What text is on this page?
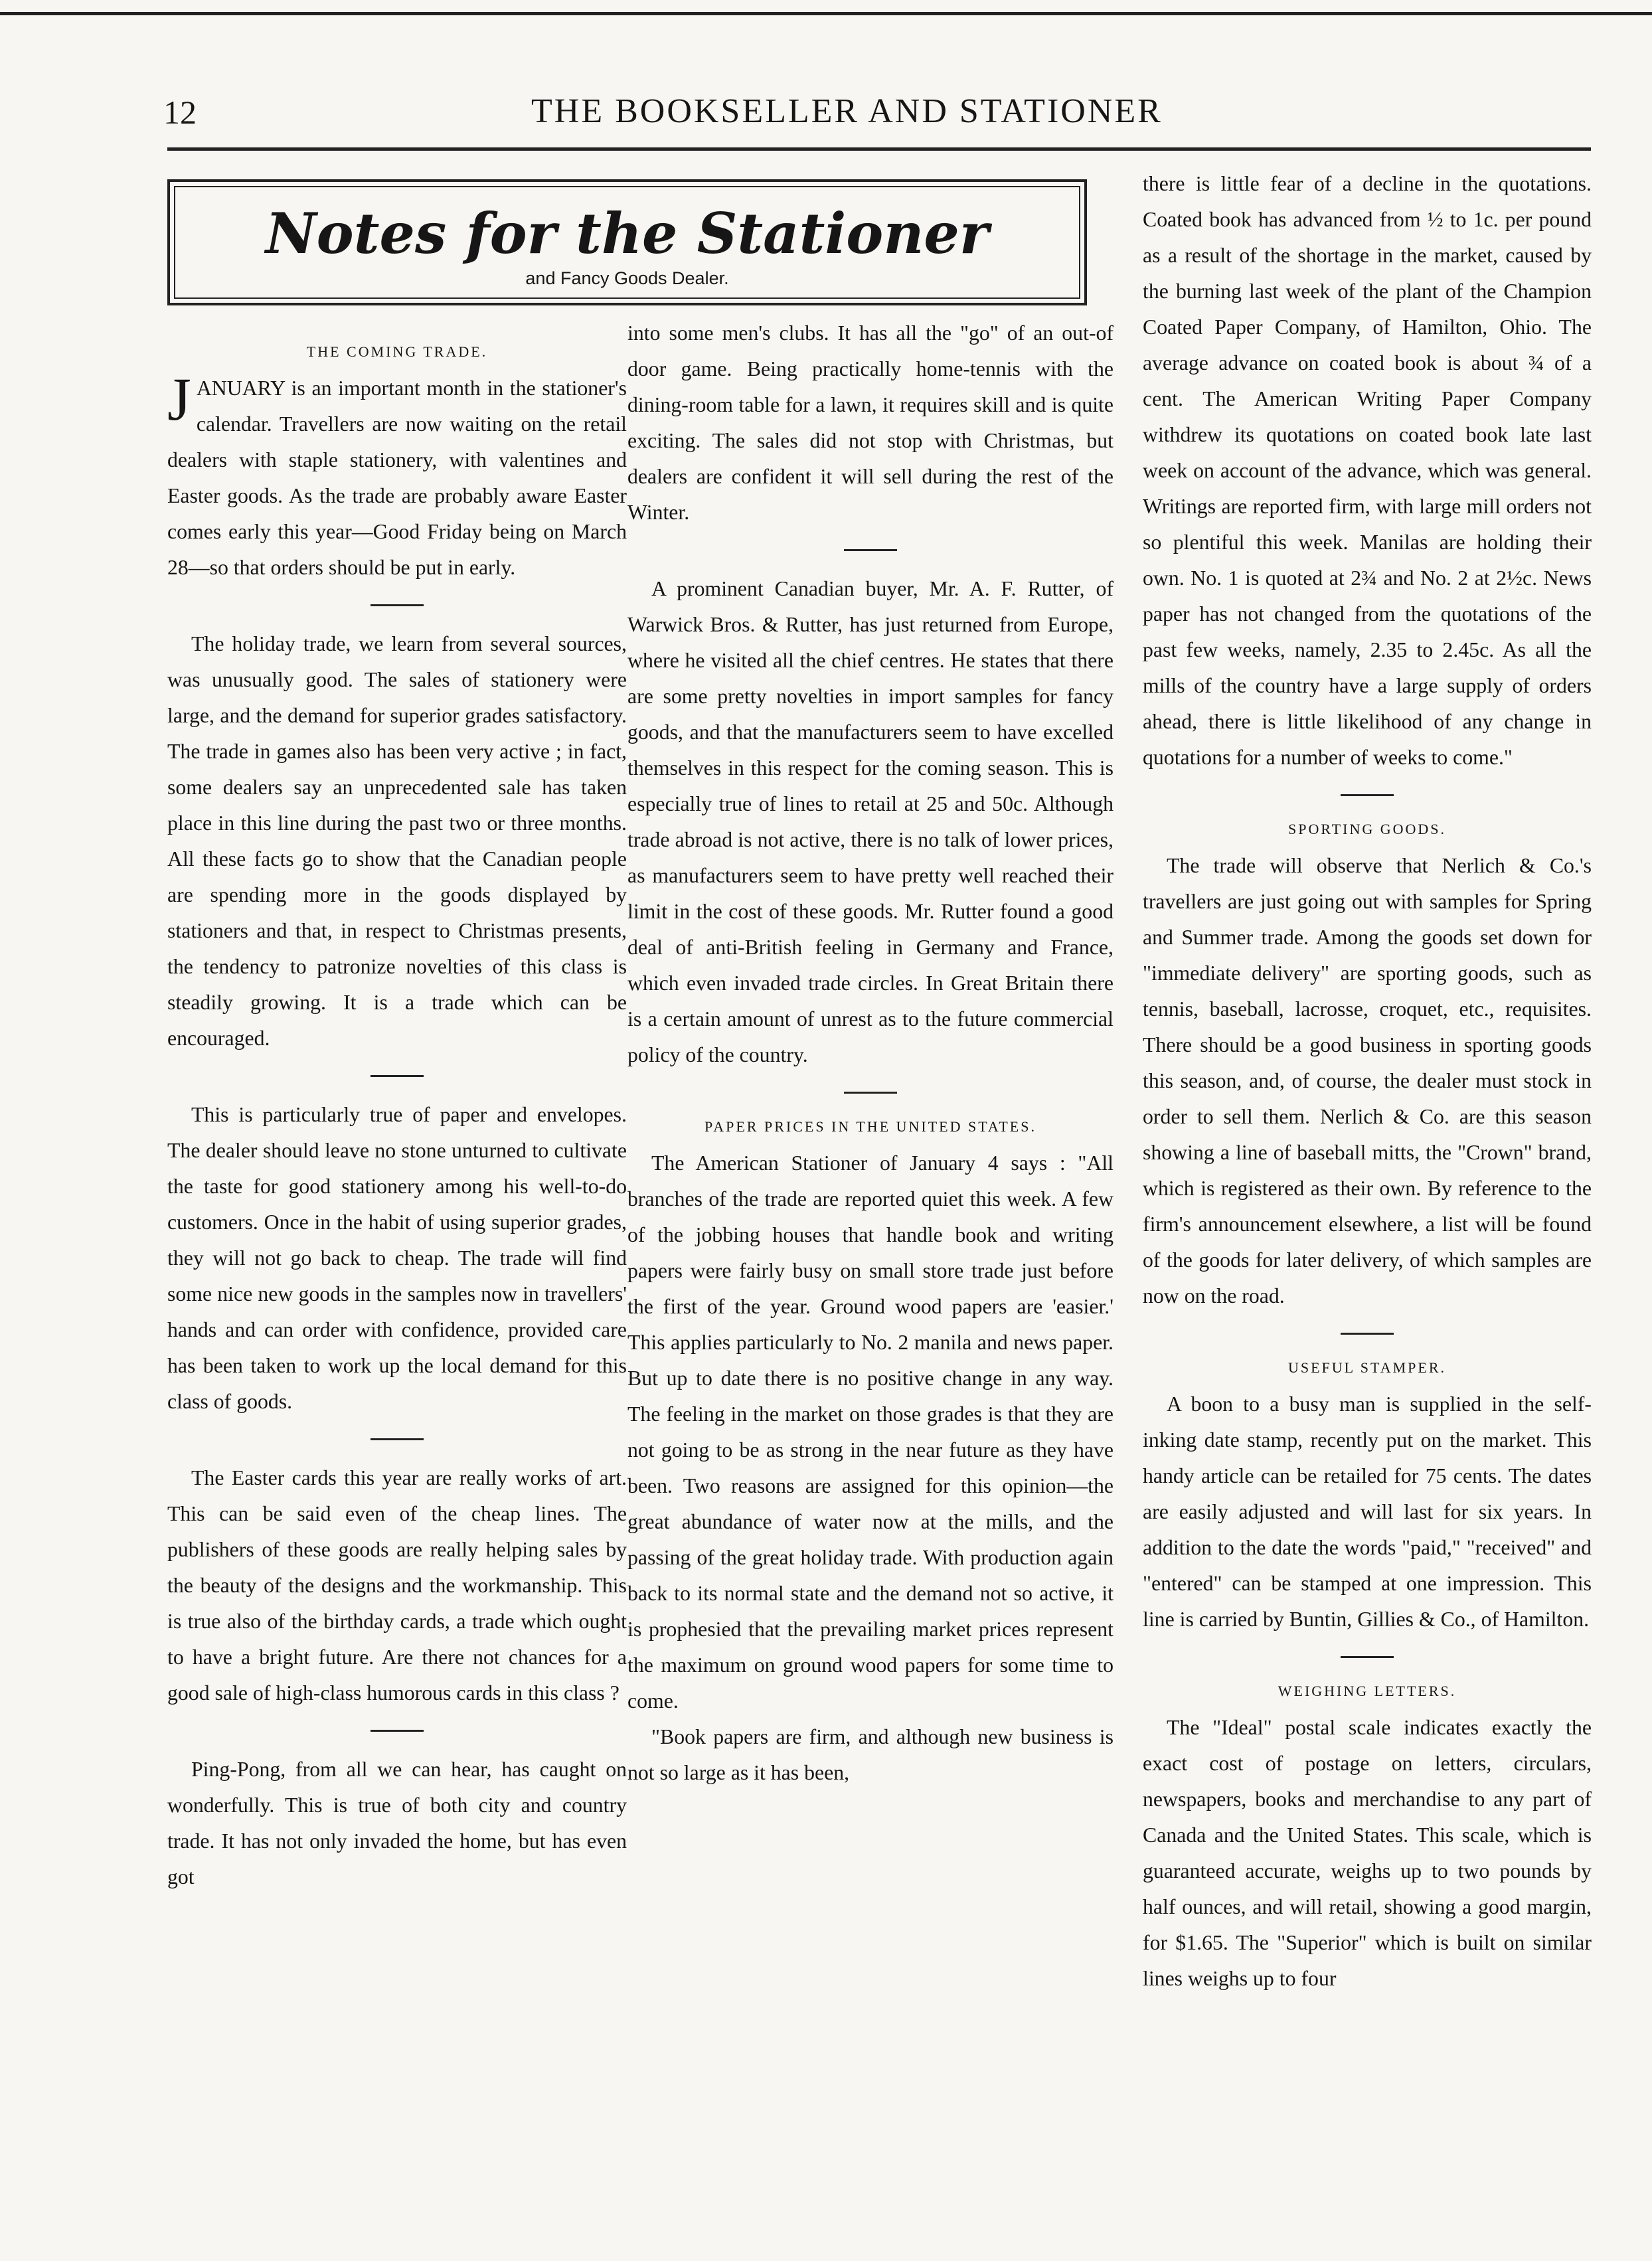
12	THE BOOKSELLER AND STATIONER
Notes for the Stationer
and Fancy Goods Dealer.
THE COMING TRADE.

JANUARY is an important month in the stationer's calendar. Travellers are now waiting on the retail dealers with staple stationery, with valentines and Easter goods. As the trade are probably aware Easter comes early this year—Good Friday being on March 28—so that orders should be put in early.

The holiday trade, we learn from several sources, was unusually good. The sales of stationery were large, and the demand for superior grades satisfactory. The trade in games also has been very active ; in fact, some dealers say an unprecedented sale has taken place in this line during the past two or three months. All these facts go to show that the Canadian people are spending more in the goods displayed by stationers and that, in respect to Christmas presents, the tendency to patronize novelties of this class is steadily growing. It is a trade which can be encouraged.

This is particularly true of paper and envelopes. The dealer should leave no stone unturned to cultivate the taste for good stationery among his well-to-do customers. Once in the habit of using superior grades, they will not go back to cheap. The trade will find some nice new goods in the samples now in travellers' hands and can order with confidence, provided care has been taken to work up the local demand for this class of goods.

The Easter cards this year are really works of art. This can be said even of the cheap lines. The publishers of these goods are really helping sales by the beauty of the designs and the workmanship. This is true also of the birthday cards, a trade which ought to have a bright future. Are there not chances for a good sale of high-class humorous cards in this class ?

Ping-Pong, from all we can hear, has caught on wonderfully. This is true of both city and country trade. It has not only invaded the home, but has even got

into some men's clubs. It has all the "go" of an out-of door game. Being practically home-tennis with the dining-room table for a lawn, it requires skill and is quite exciting. The sales did not stop with Christmas, but dealers are confident it will sell during the rest of the Winter.

A prominent Canadian buyer, Mr. A. F. Rutter, of Warwick Bros. & Rutter, has just returned from Europe, where he visited all the chief centres. He states that there are some pretty novelties in import samples for fancy goods, and that the manufacturers seem to have excelled themselves in this respect for the coming season. This is especially true of lines to retail at 25 and 50c. Although trade abroad is not active, there is no talk of lower prices, as manufacturers seem to have pretty well reached their limit in the cost of these goods. Mr. Rutter found a good deal of anti-British feeling in Germany and France, which even invaded trade circles. In Great Britain there is a certain amount of unrest as to the future commercial policy of the country.

PAPER PRICES IN THE UNITED STATES.

The American Stationer of January 4 says : "All branches of the trade are reported quiet this week. A few of the jobbing houses that handle book and writing papers were fairly busy on small store trade just before the first of the year. Ground wood papers are 'easier.' This applies particularly to No. 2 manila and news paper. But up to date there is no positive change in any way. The feeling in the market on those grades is that they are not going to be as strong in the near future as they have been. Two reasons are assigned for this opinion—the great abundance of water now at the mills, and the passing of the great holiday trade. With production again back to its normal state and the demand not so active, it is prophesied that the prevailing market prices represent the maximum on ground wood papers for some time to come.

"Book papers are firm, and although new business is not so large as it has been,

there is little fear of a decline in the quotations. Coated book has advanced from ½ to 1c. per pound as a result of the shortage in the market, caused by the burning last week of the plant of the Champion Coated Paper Company, of Hamilton, Ohio. The average advance on coated book is about ¾ of a cent. The American Writing Paper Company withdrew its quotations on coated book late last week on account of the advance, which was general. Writings are reported firm, with large mill orders not so plentiful this week. Manilas are holding their own. No. 1 is quoted at 2¾ and No. 2 at 2½c. News paper has not changed from the quotations of the past few weeks, namely, 2.35 to 2.45c. As all the mills of the country have a large supply of orders ahead, there is little likelihood of any change in quotations for a number of weeks to come."

SPORTING GOODS.

The trade will observe that Nerlich & Co.'s travellers are just going out with samples for Spring and Summer trade. Among the goods set down for "immediate delivery" are sporting goods, such as tennis, baseball, lacrosse, croquet, etc., requisites. There should be a good business in sporting goods this season, and, of course, the dealer must stock in order to sell them. Nerlich & Co. are this season showing a line of baseball mitts, the "Crown" brand, which is registered as their own. By reference to the firm's announcement elsewhere, a list will be found of the goods for later delivery, of which samples are now on the road.

USEFUL STAMPER.

A boon to a busy man is supplied in the self-inking date stamp, recently put on the market. This handy article can be retailed for 75 cents. The dates are easily adjusted and will last for six years. In addition to the date the words "paid," "received" and "entered" can be stamped at one impression. This line is carried by Buntin, Gillies & Co., of Hamilton.

WEIGHING LETTERS.

The "Ideal" postal scale indicates exactly the exact cost of postage on letters, circulars, newspapers, books and merchandise to any part of Canada and the United States. This scale, which is guaranteed accurate, weighs up to two pounds by half ounces, and will retail, showing a good margin, for $1.65. The "Superior" which is built on similar lines weighs up to four
